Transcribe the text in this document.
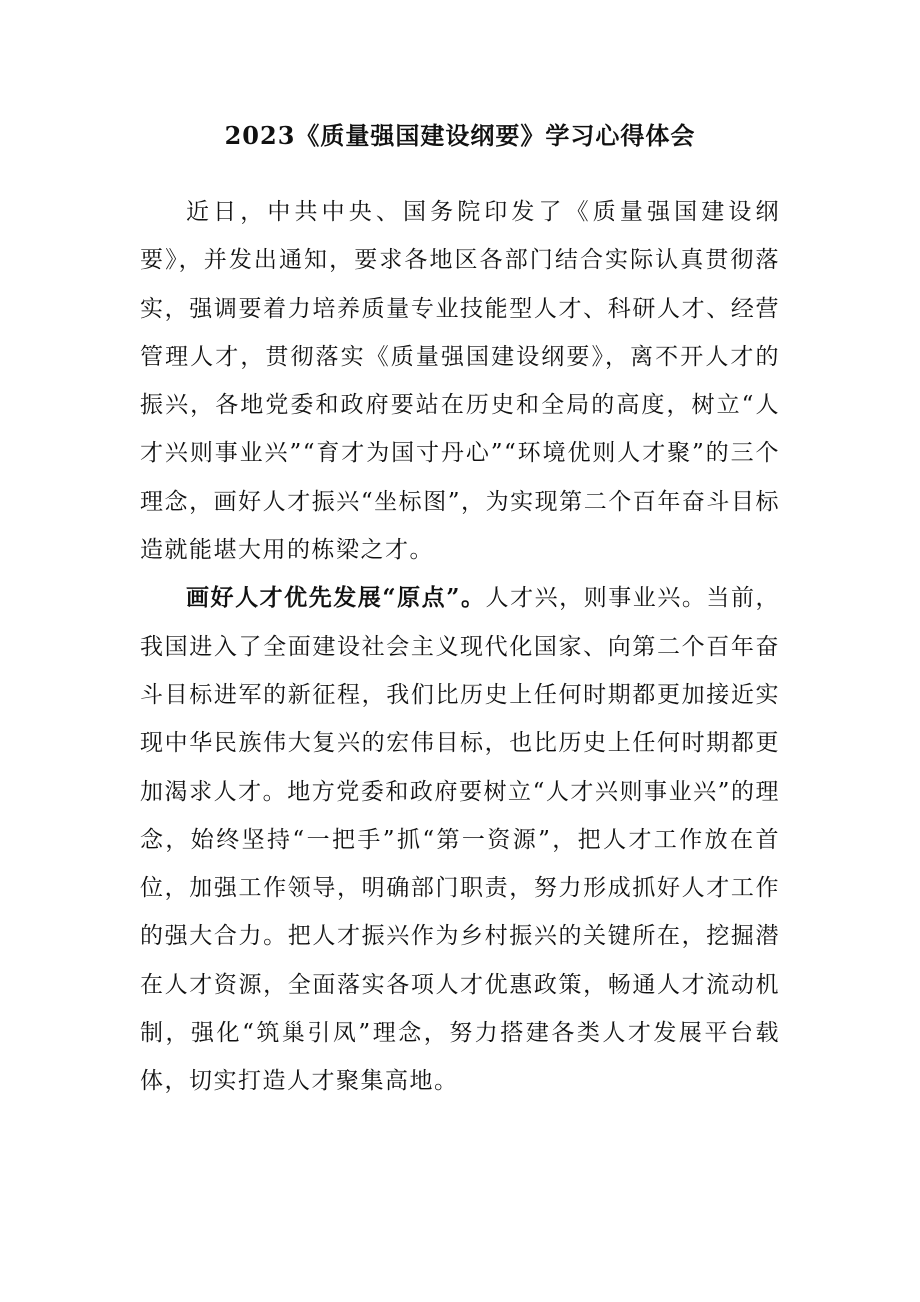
2023《质量强国建设纲要》学习心得体会

近日，中共中央、国务院印发了《质量强国建设纲要》，并发出通知，要求各地区各部门结合实际认真贯彻落实，强调要着力培养质量专业技能型人才、科研人才、经营管理人才，贯彻落实《质量强国建设纲要》，离不开人才的振兴，各地党委和政府要站在历史和全局的高度，树立“人才兴则事业兴”“育才为国寸丹心”“环境优则人才聚”的三个理念，画好人才振兴“坐标图”，为实现第二个百年奋斗目标造就能堪大用的栋梁之才。

画好人才优先发展“原点”。人才兴，则事业兴。当前，我国进入了全面建设社会主义现代化国家、向第二个百年奋斗目标进军的新征程，我们比历史上任何时期都更加接近实现中华民族伟大复兴的宏伟目标，也比历史上任何时期都更加渴求人才。地方党委和政府要树立“人才兴则事业兴”的理念，始终坚持“一把手”抓“第一资源”，把人才工作放在首位，加强工作领导，明确部门职责，努力形成抓好人才工作的强大合力。把人才振兴作为乡村振兴的关键所在，挖掘潜在人才资源，全面落实各项人才优惠政策，畅通人才流动机制，强化“筑巢引凤”理念，努力搭建各类人才发展平台载体，切实打造人才聚集高地。
